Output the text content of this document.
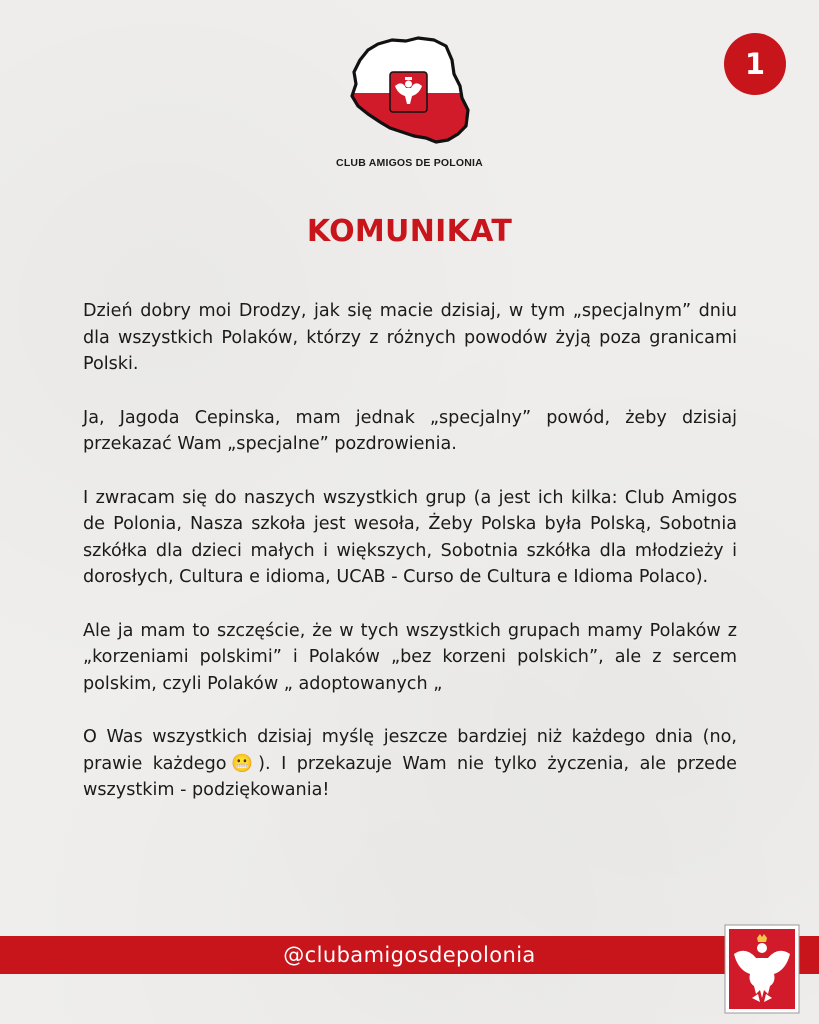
CLUB AMIGOS DE POLONIA
1
KOMUNIKAT

Dzień dobry moi Drodzy, jak się macie dzisiaj, w tym „specjalnym” dniu dla wszystkich Polaków, którzy z różnych powodów żyją poza granicami Polski.

Ja, Jagoda Cepinska, mam jednak „specjalny” powód, żeby dzisiaj przekazać Wam „specjalne” pozdrowienia.

I zwracam się do naszych wszystkich grup (a jest ich kilka: Club Amigos de Polonia, Nasza szkoła jest wesoła, Żeby Polska była Polską, Sobotnia szkółka dla dzieci małych i większych, Sobotnia szkółka dla młodzieży i dorosłych, Cultura e idioma, UCAB - Curso de Cultura e Idioma Polaco).

Ale ja mam to szczęście, że w tych wszystkich grupach mamy Polaków z „korzeniami polskimi” i Polaków „bez korzeni polskich”, ale z sercem polskim, czyli Polaków „ adoptowanych „

O Was wszystkich dzisiaj myślę jeszcze bardziej niż każdego dnia (no, prawie każdego😬). I przekazuje Wam nie tylko życzenia, ale przede wszystkim - podziękowania!

@clubamigosdepolonia
